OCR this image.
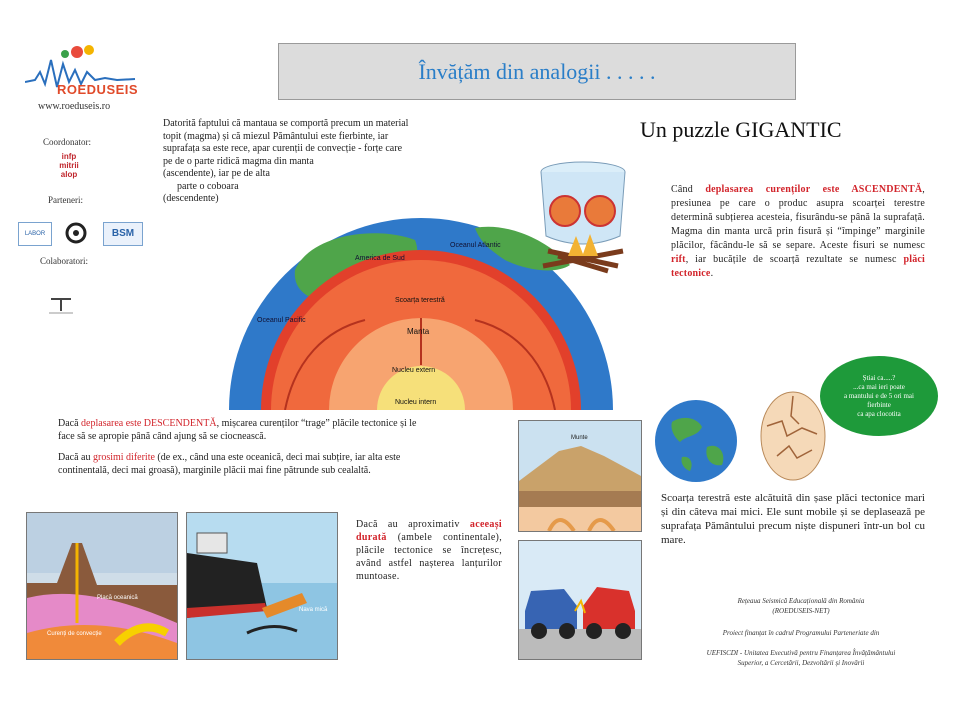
ROEDUSEIS
www.roeduseis.ro
Coordonator:
infp mitrii alop
Parteneri:
LABOR	BSM
Colaboratori:
Învățăm din analogii . . . . .
Un puzzle GIGANTIC
Datorită faptului că mantaua se comportă precum un material
topit (magma) și că miezul Pământului este fierbinte, iar
suprafața sa este rece, apar curenții de convecție - forțe care
pe de o parte ridică magma din manta
(ascendente), iar pe de alta
parte o coboara
(descendente)
America de Sud
Oceanul Atlantic
Oceanul Pacific
Scoarța terestră
Manta
Nucleu extern
Nucleu intern
Când deplasarea curenților este ASCENDENTĂ, presiunea pe care o produc asupra scoarței terestre determină subțierea acesteia, fisurându-se până la suprafață. Magma din manta urcă prin fisură și “împinge” marginile plăcilor, făcându-le să se separe. Aceste fisuri se numesc rift, iar bucățile de scoarță rezultate se numesc plăci tectonice.
Știai ca.....?
...ca mai ieri poate
a mantului e de 5 ori mai
fierbinte
ca apa clocotita
Dacă deplasarea este DESCENDENTĂ, mișcarea curenților “trage” plăcile tectonice și le
face să se apropie până când ajung să se ciocnească.
Dacă au grosimi diferite (de ex., când una este oceanică, deci mai subțire, iar alta este
continentală, deci mai groasă), marginile plăcii mai fine pătrunde sub cealaltă.
Placă oceanică
Curenți de convecție
Nava mică
Dacă au aproximativ aceeași durată (ambele continentale), plăcile tectonice se încrețesc, având astfel nașterea lanțurilor muntoase.
Munte
Scoarța terestră este alcătuită din șase plăci tectonice mari și din câteva mai mici. Ele sunt mobile și se deplasează pe suprafața Pământului precum niște dispuneri într-un bol cu mare.
Rețeaua Seismică Educațională din România
(ROEDUSEIS-NET)
Proiect finanțat în cadrul Programului Parteneriate din
UEFISCDI - Unitatea Executivă pentru Finanțarea Învățământului
Superior, a Cercetării, Dezvoltării și Inovării
